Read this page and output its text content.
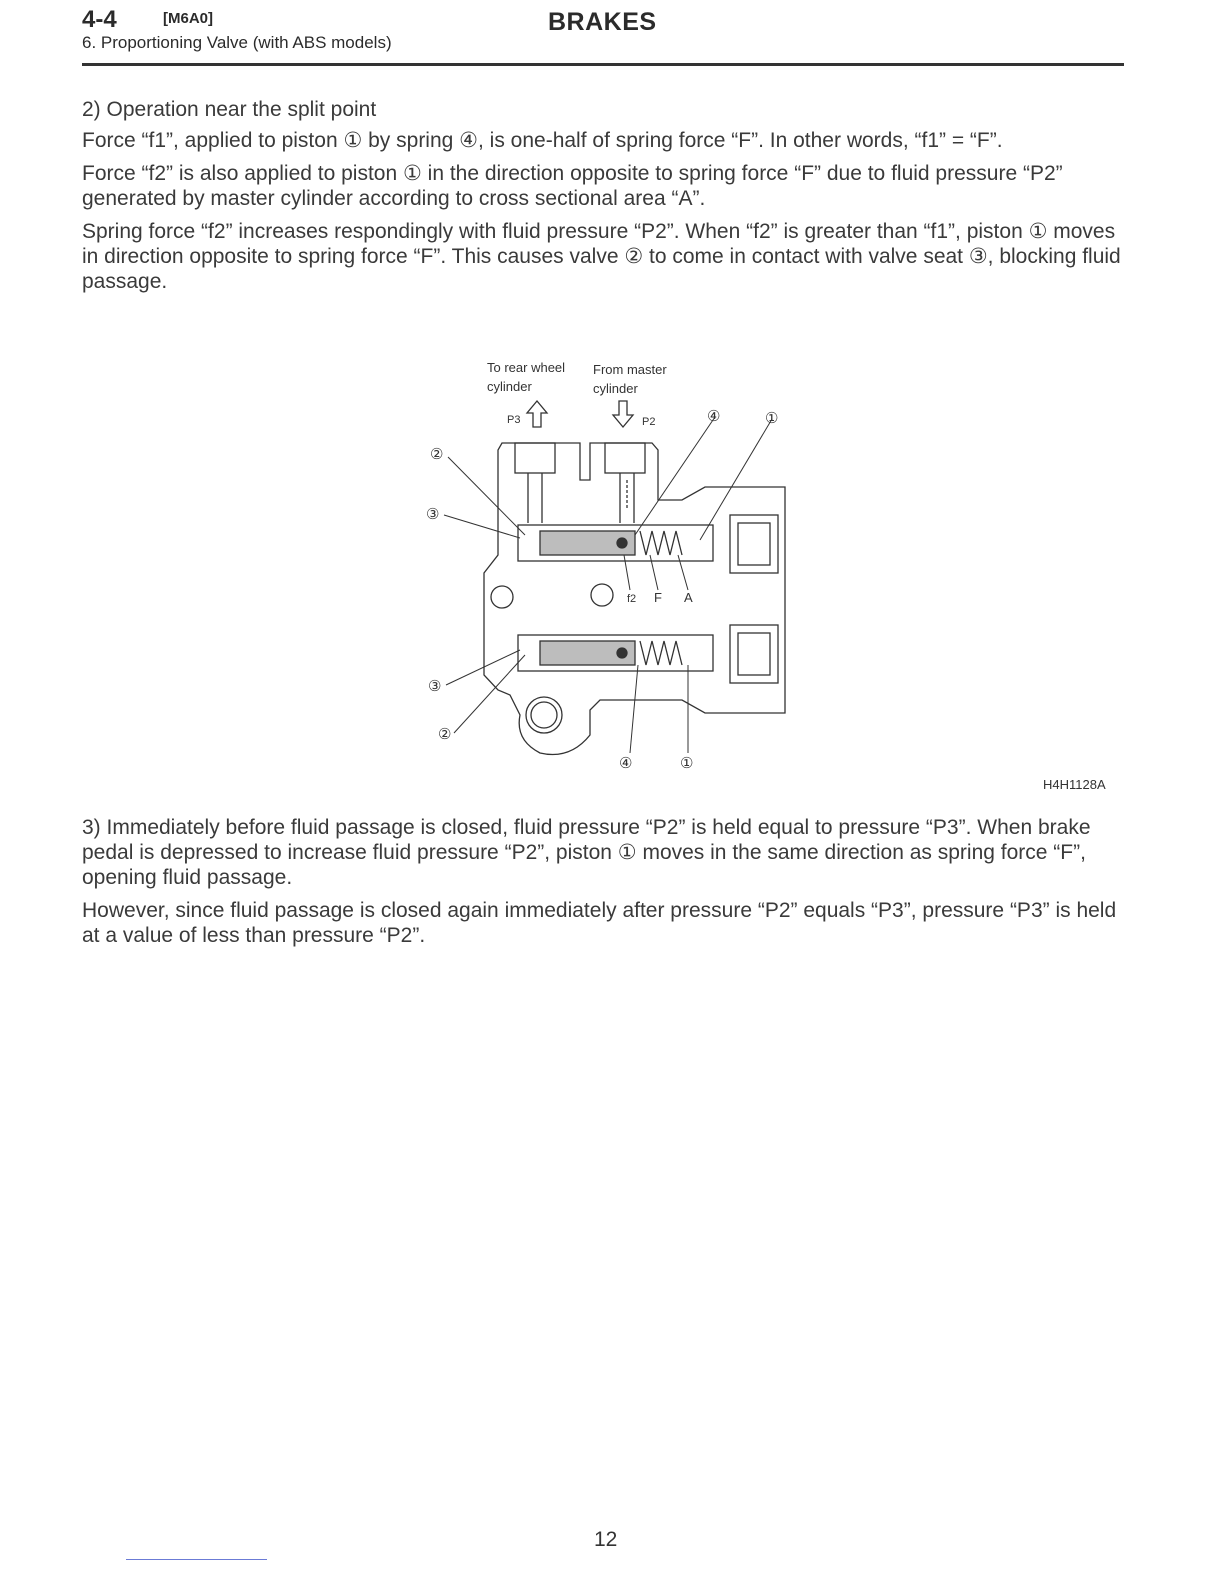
4-4	[M6A0]	BRAKES
6. Proportioning Valve (with ABS models)

2) Operation near the split point

Force “f1”, applied to piston ① by spring ④, is one-half of spring force “F”. In other words, “f1” = “F”.

Force “f2” is also applied to piston ① in the direction opposite to spring force “F” due to fluid pressure “P2” generated by master cylinder according to cross sectional area “A”.

Spring force “f2” increases respondingly with fluid pressure “P2”. When “f2” is greater than “f1”, piston ① moves in direction opposite to spring force “F”. This causes valve ② to come in contact with valve seat ③, blocking fluid passage.

To rear wheel
cylinder
From master
cylinder
P3	P2	④	①
②
③
f2 F A
③
②
④	①
H4H1128A

3) Immediately before fluid passage is closed, fluid pressure “P2” is held equal to pressure “P3”. When brake pedal is depressed to increase fluid pressure “P2”, piston ① moves in the same direction as spring force “F”, opening fluid passage.

However, since fluid passage is closed again immediately after pressure “P2” equals “P3”, pressure “P3” is held at a value of less than pressure “P2”.

12
